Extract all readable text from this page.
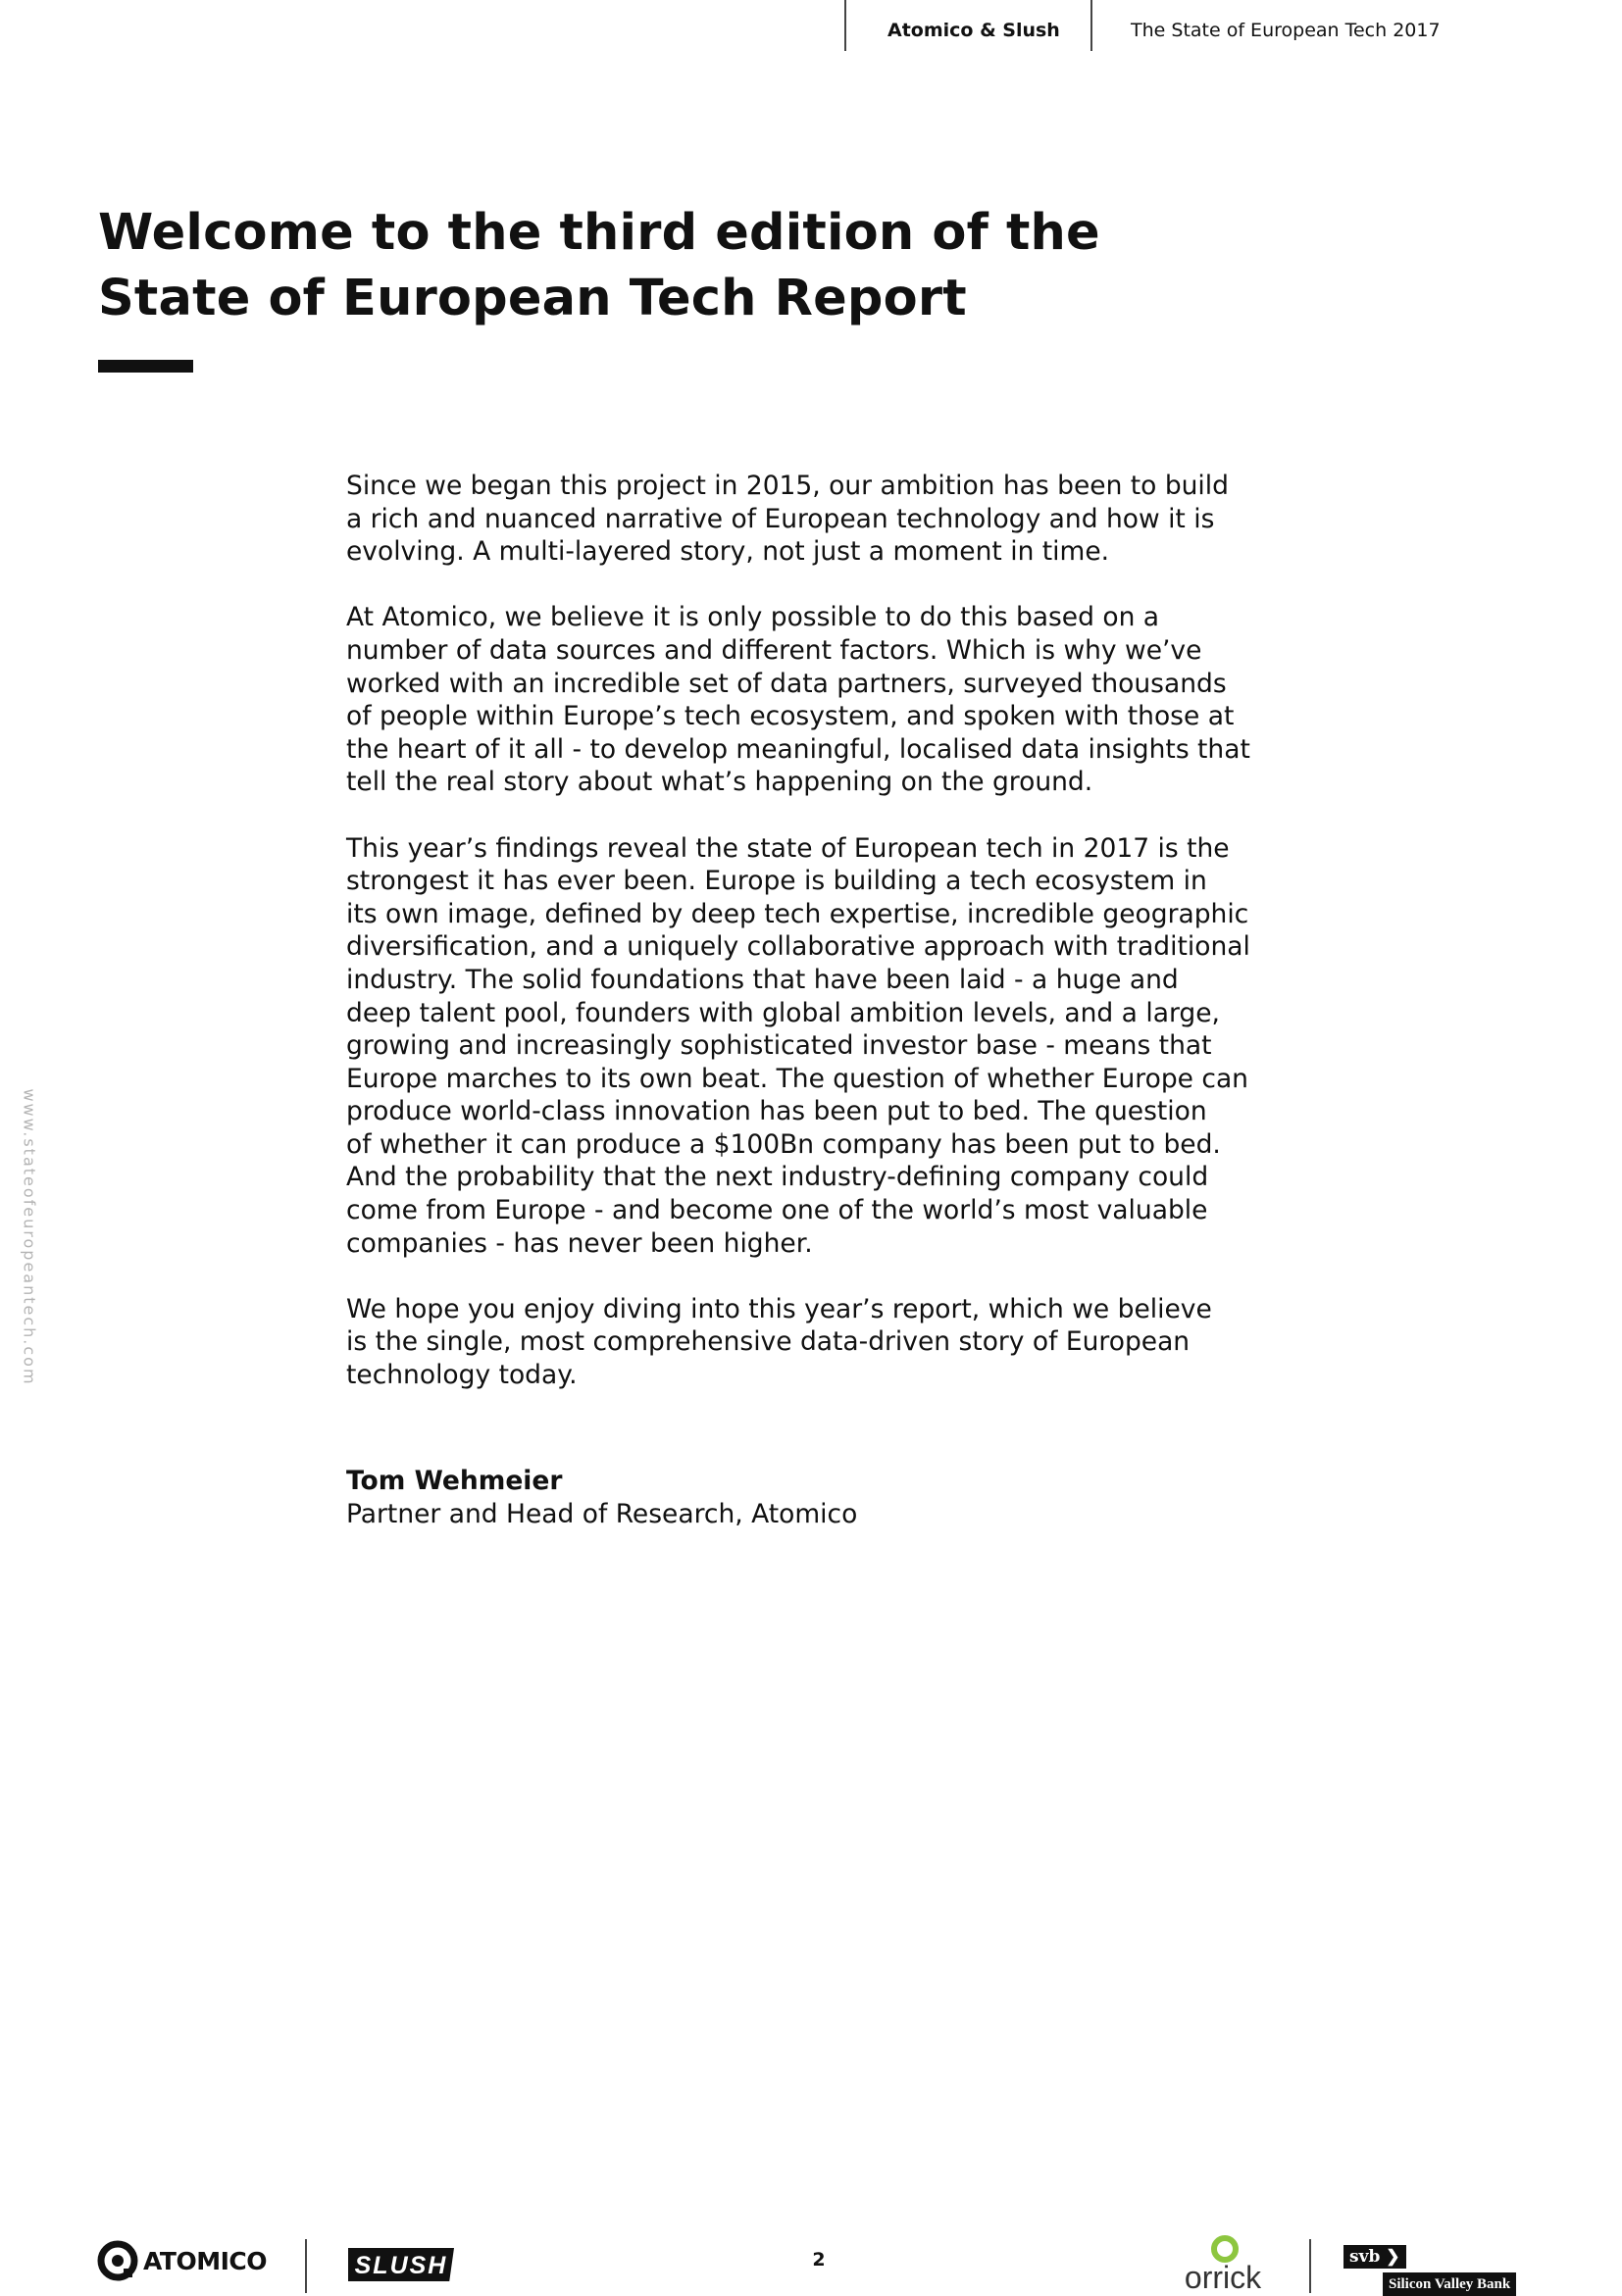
Atomico & Slush	The State of European Tech 2017
Welcome to the third edition of the
State of European Tech Report

Since we began this project in 2015, our ambition has been to build
a rich and nuanced narrative of European technology and how it is
evolving. A multi-layered story, not just a moment in time.

At Atomico, we believe it is only possible to do this based on a
number of data sources and different factors. Which is why we’ve
worked with an incredible set of data partners, surveyed thousands
of people within Europe’s tech ecosystem, and spoken with those at
the heart of it all - to develop meaningful, localised data insights that
tell the real story about what’s happening on the ground.

This year’s findings reveal the state of European tech in 2017 is the
strongest it has ever been. Europe is building a tech ecosystem in
its own image, defined by deep tech expertise, incredible geographic
diversification, and a uniquely collaborative approach with traditional
industry. The solid foundations that have been laid - a huge and
deep talent pool, founders with global ambition levels, and a large,
growing and increasingly sophisticated investor base - means that
Europe marches to its own beat. The question of whether Europe can
produce world-class innovation has been put to bed. The question
of whether it can produce a $100Bn company has been put to bed.
And the probability that the next industry-defining company could
come from Europe - and become one of the world’s most valuable
companies - has never been higher.

We hope you enjoy diving into this year’s report, which we believe
is the single, most comprehensive data-driven story of European
technology today.

Tom Wehmeier
Partner and Head of Research, Atomico
www.stateofeuropeantech.com
ATOMICO	SLUSH	2	orrick
svb ❯
Silicon Valley Bank
